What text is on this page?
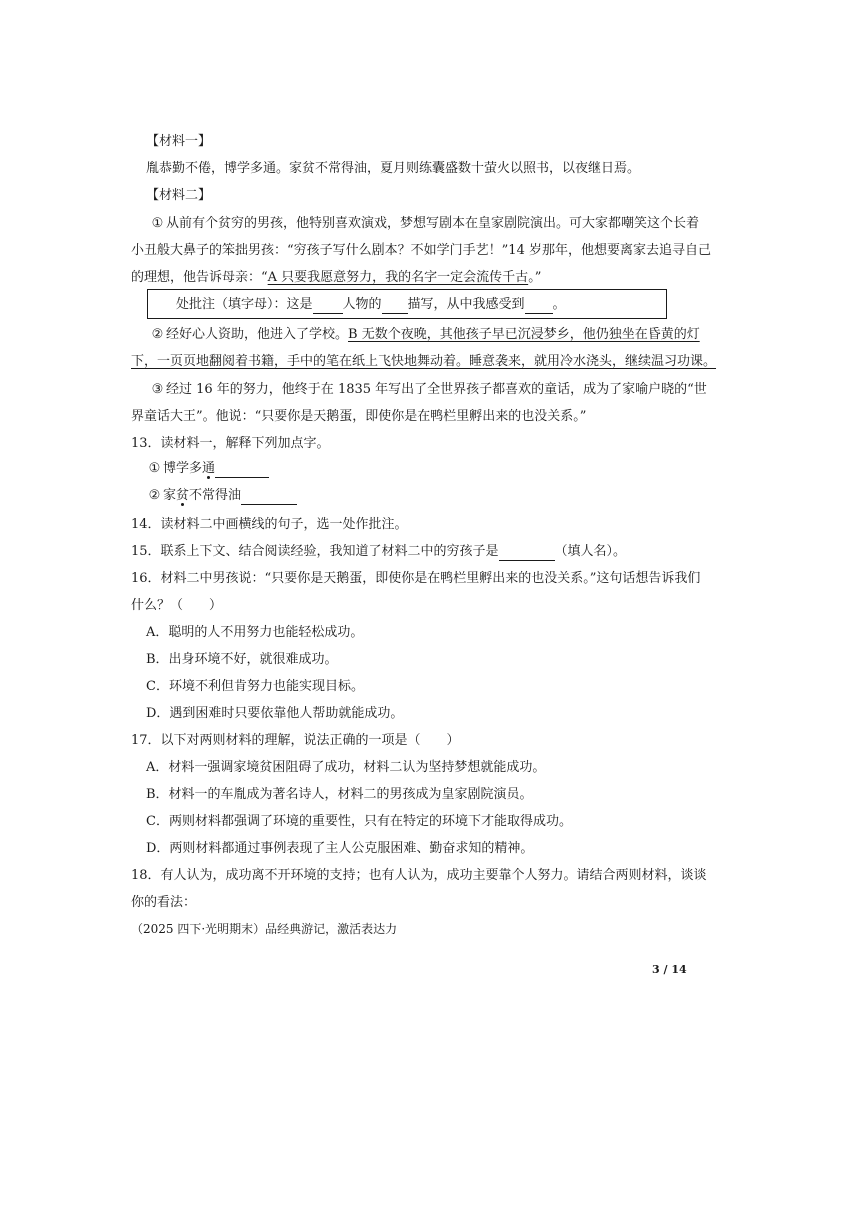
【材料一】
胤恭勤不倦，博学多通。家贫不常得油，夏月则练囊盛数十萤火以照书，以夜继日焉。
【材料二】
① 从前有个贫穷的男孩，他特别喜欢演戏，梦想写剧本在皇家剧院演出。可大家都嘲笑这个长着
小丑般大鼻子的笨拙男孩：“穷孩子写什么剧本？不如学门手艺！”14 岁那年，他想要离家去追寻自己
的理想，他告诉母亲：“A 只要我愿意努力，我的名字一定会流传千古。”
处批注（填字母）：这是 人物的 描写，从中我感受到 。
② 经好心人资助，他进入了学校。B 无数个夜晚，其他孩子早已沉浸梦乡，他仍独坐在昏黄的灯
下，一页页地翻阅着书籍，手中的笔在纸上飞快地舞动着。睡意袭来，就用冷水浇头，继续温习功课。
③ 经过 16 年的努力，他终于在 1835 年写出了全世界孩子都喜欢的童话，成为了家喻户晓的“世
界童话大王”。他说：“只要你是天鹅蛋，即使你是在鸭栏里孵出来的也没关系。”
13．读材料一，解释下列加点字。
① 博学多通
② 家贫不常得油
14．读材料二中画横线的句子，选一处作批注。
15．联系上下文、结合阅读经验，我知道了材料二中的穷孩子是	（填人名）。
16．材料二中男孩说：“只要你是天鹅蛋，即使你是在鸭栏里孵出来的也没关系。”这句话想告诉我们
什么？（　　）
A．聪明的人不用努力也能轻松成功。
B．出身环境不好，就很难成功。
C．环境不利但肯努力也能实现目标。
D．遇到困难时只要依靠他人帮助就能成功。
17．以下对两则材料的理解，说法正确的一项是（　　）
A．材料一强调家境贫困阻碍了成功，材料二认为坚持梦想就能成功。
B．材料一的车胤成为著名诗人，材料二的男孩成为皇家剧院演员。
C．两则材料都强调了环境的重要性，只有在特定的环境下才能取得成功。
D．两则材料都通过事例表现了主人公克服困难、勤奋求知的精神。
18．有人认为，成功离不开环境的支持；也有人认为，成功主要靠个人努力。请结合两则材料，谈谈
你的看法：
（2025 四下·光明期末）品经典游记，激活表达力
3 / 14
